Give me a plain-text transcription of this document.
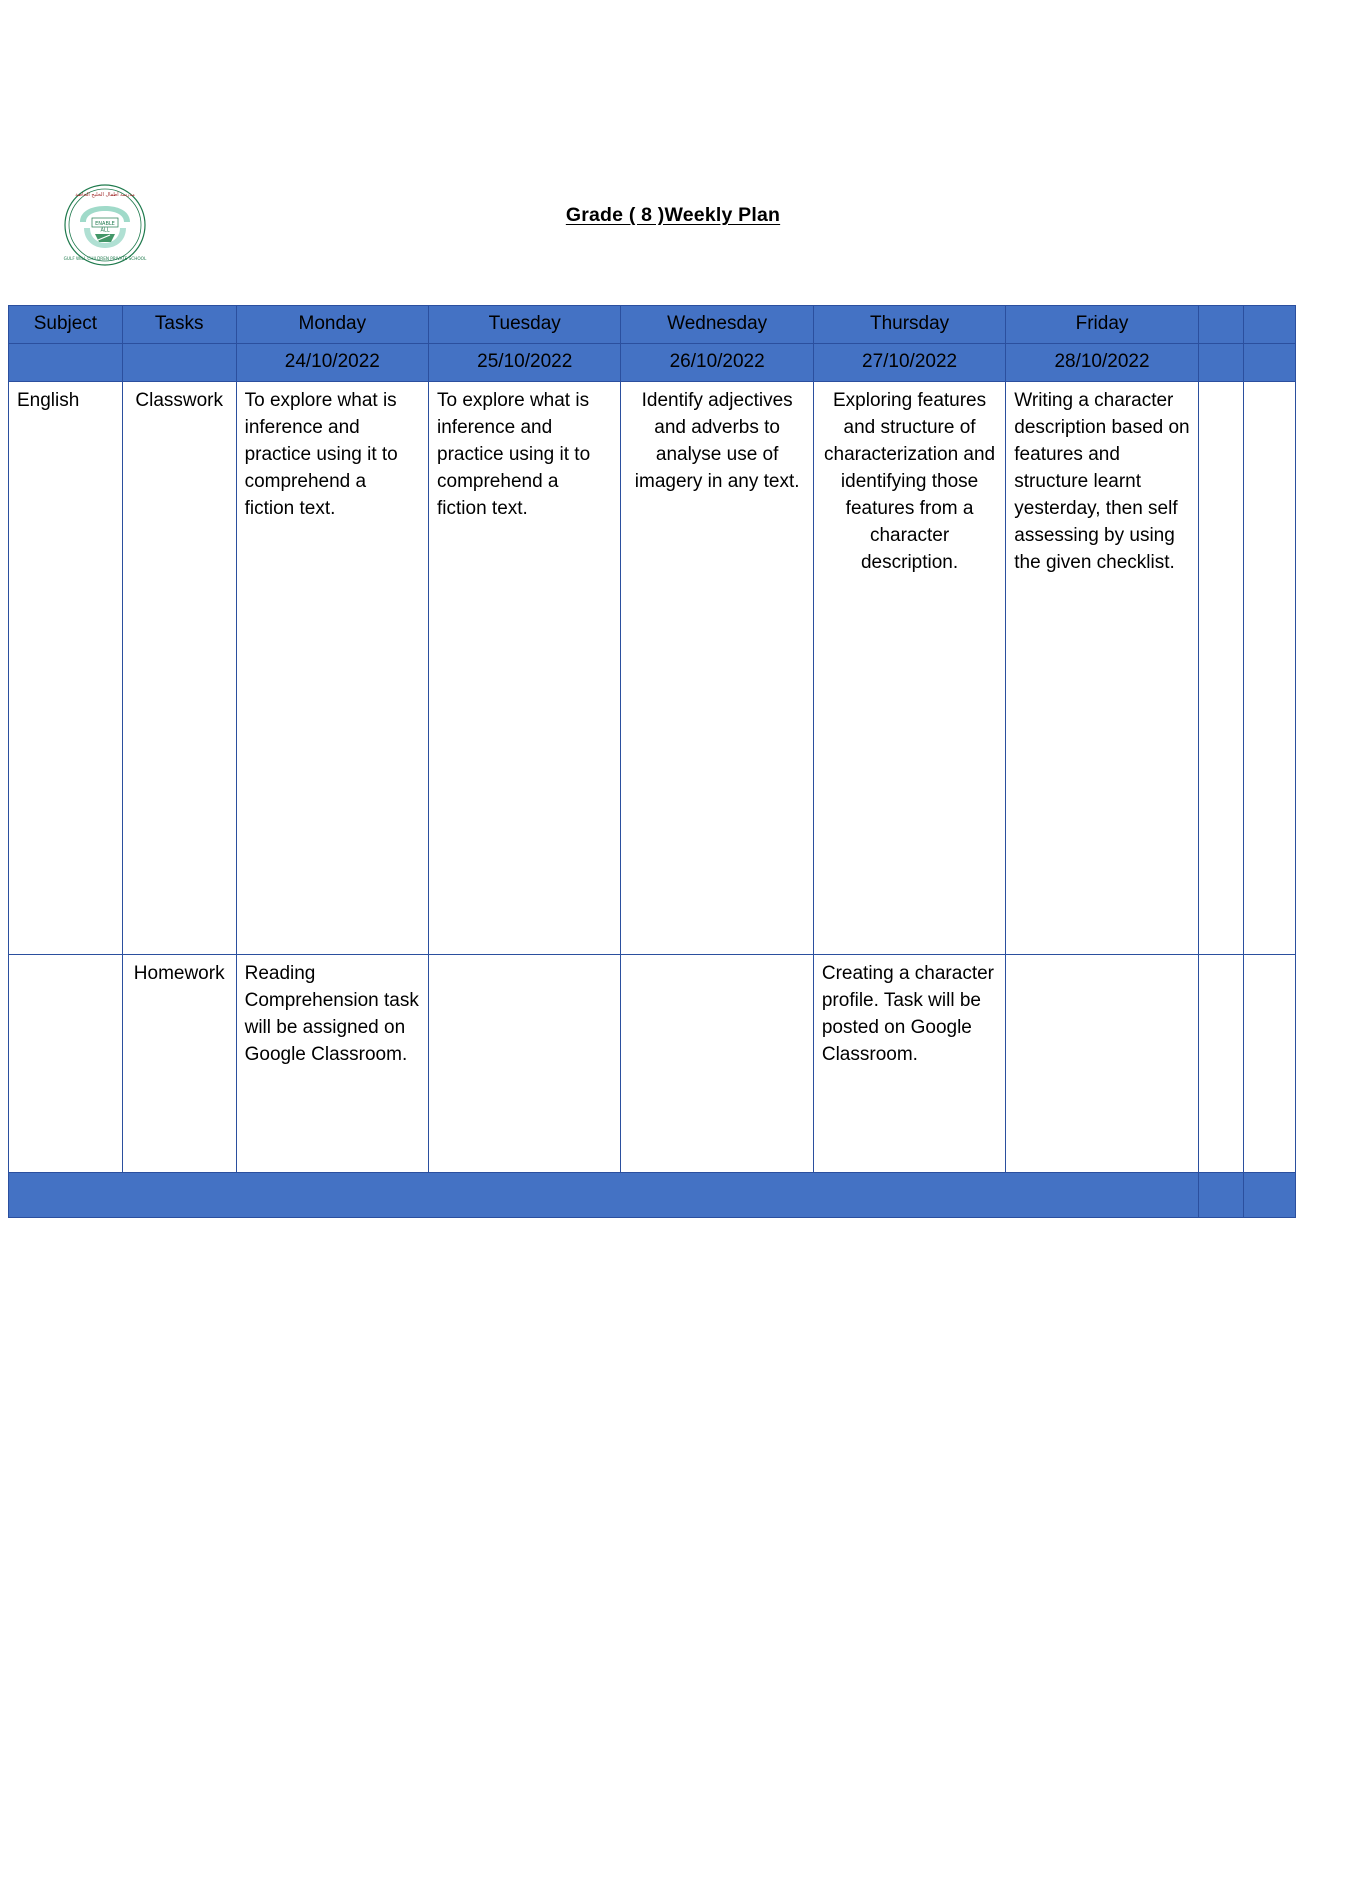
ENABLE
ALL
مدرسة أطفال الخليج الخاصة
GULF WILL CHILDREN PRIVATE SCHOOL
Grade ( 8 )Weekly Plan
Subject	Tasks	Monday	Tuesday	Wednesday	Thursday	Friday		
		24/10/2022	25/10/2022	26/10/2022	27/10/2022	28/10/2022		
English	Classwork	To explore what is inference and practice using it to comprehend a fiction text.	To explore what is inference and practice using it to comprehend a fiction text.	Identify adjectives and adverbs to analyse use of imagery in any text.	Exploring features and structure of characterization and identifying those features from a character description.	Writing a character description based on features and structure learnt yesterday, then self assessing by using the given checklist.		
	Homework	Reading Comprehension task will be assigned on Google Classroom.			Creating a character profile. Task will be posted on Google Classroom.			
